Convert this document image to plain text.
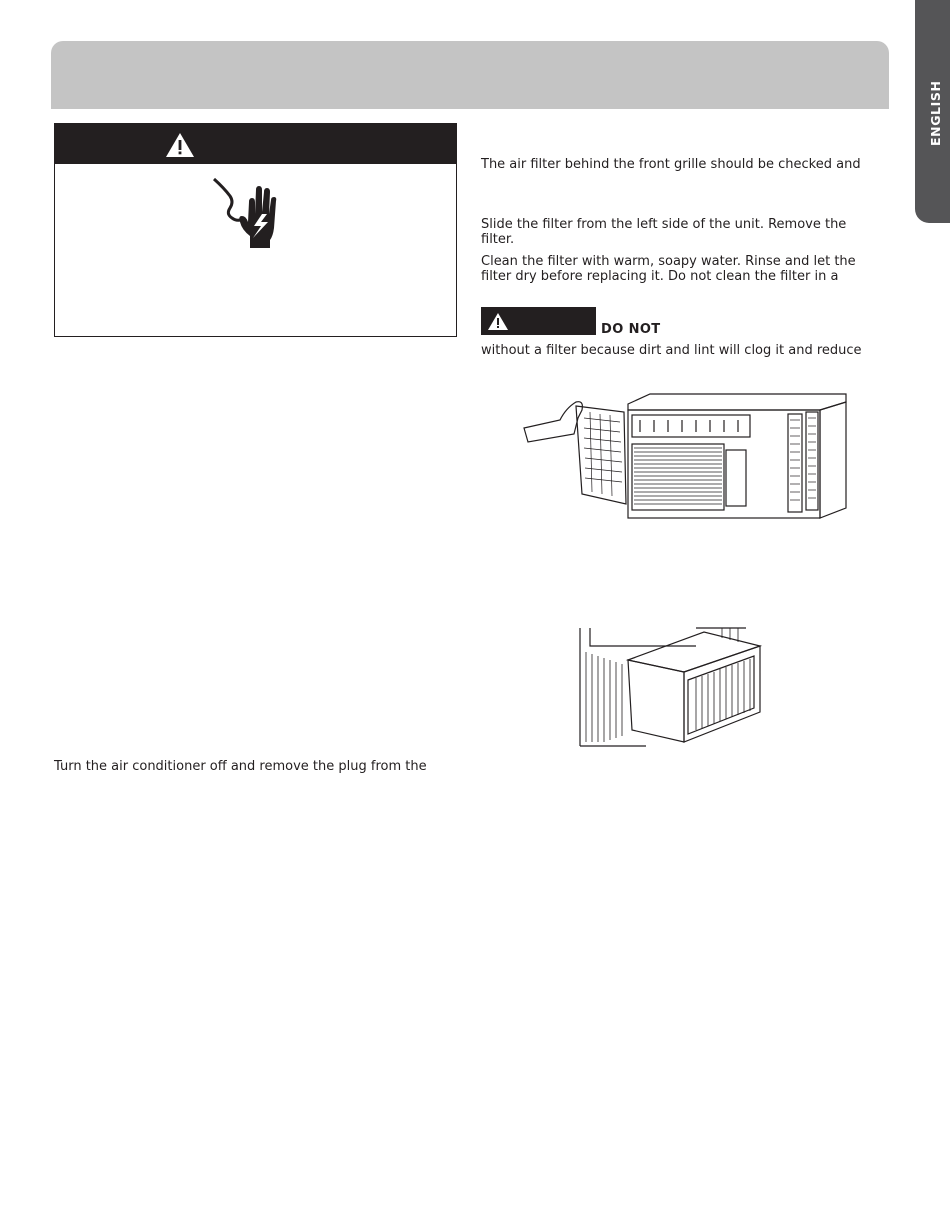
ENGLISH
Turn the air conditioner off and remove the plug from the
The air filter behind the front grille should be checked and
Slide the filter from the left side of the unit. Remove the
filter.
Clean the filter with warm, soapy water. Rinse and let the
filter dry before replacing it. Do not clean the filter in a
DO NOT
without a filter because dirt and lint will clog it and reduce
